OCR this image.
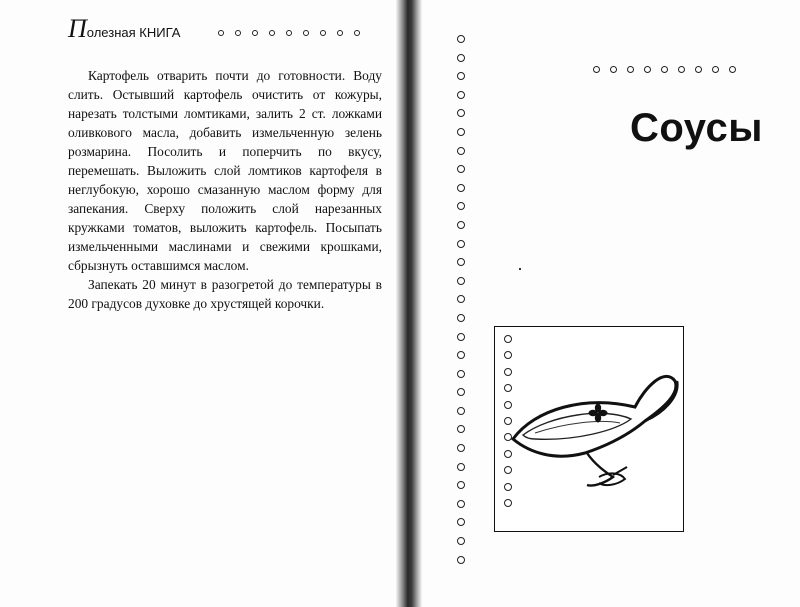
П олезная КНИГА

Картофель отварить почти до готовности. Воду слить. Остывший картофель очистить от кожуры, нарезать толстыми ломтиками, залить 2 ст. ложками оливкового масла, добавить измельченную зелень розмарина. Посолить и поперчить по вкусу, перемешать. Выложить слой ломтиков картофеля в неглубокую, хорошо смазанную маслом форму для запекания. Сверху положить слой нарезанных кружками томатов, выложить картофель. Посыпать измельченными маслинами и свежими крошками, сбрызнуть оставшимся маслом.

Запекать 20 минут в разогретой до температуры в 200 градусов духовке до хрустящей корочки.

Соусы
